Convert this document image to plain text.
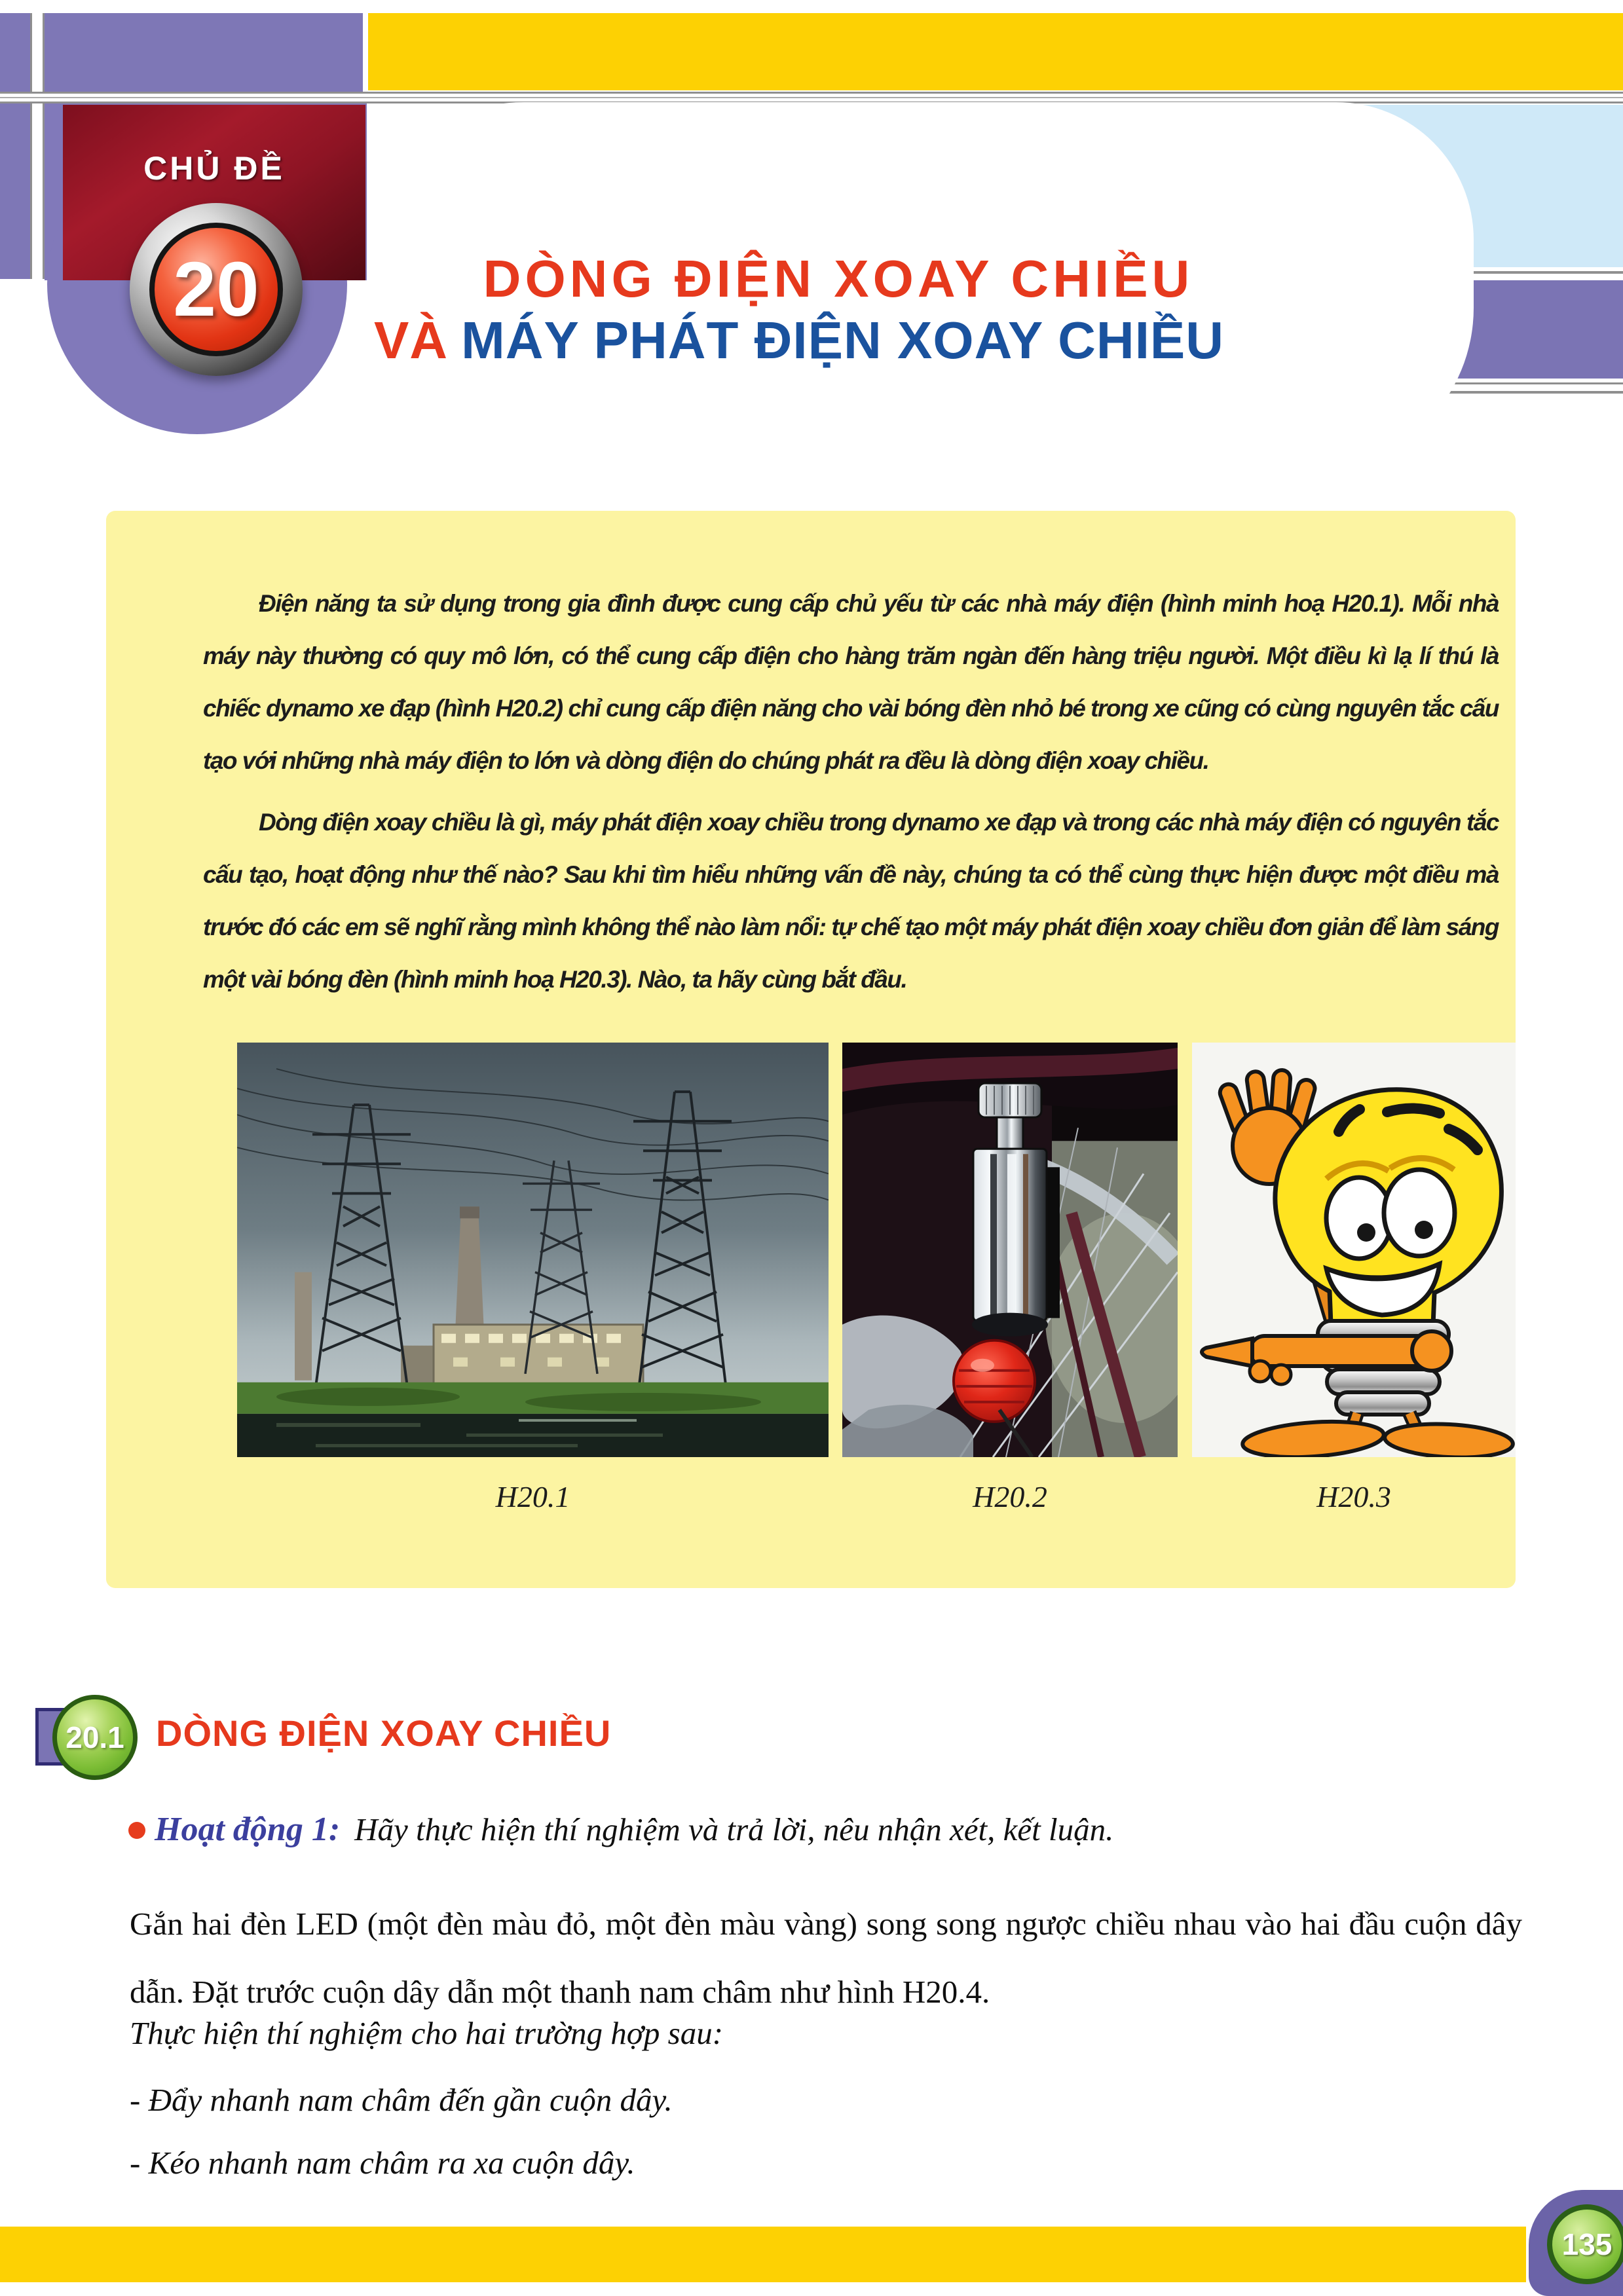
CHỦ ĐỀ
20	DÒNG ĐIỆN XOAY CHIỀU
VÀ MÁY PHÁT ĐIỆN XOAY CHIỀU

Điện năng ta sử dụng trong gia đình được cung cấp chủ yếu từ các nhà máy điện (hình minh hoạ H20.1). Mỗi nhà máy này thường có quy mô lớn, có thể cung cấp điện cho hàng trăm ngàn đến hàng triệu người. Một điều kì lạ lí thú là chiếc dynamo xe đạp (hình H20.2) chỉ cung cấp điện năng cho vài bóng đèn nhỏ bé trong xe cũng có cùng nguyên tắc cấu tạo với những nhà máy điện to lớn và dòng điện do chúng phát ra đều là dòng điện xoay chiều.

Dòng điện xoay chiều là gì, máy phát điện xoay chiều trong dynamo xe đạp và trong các nhà máy điện có nguyên tắc cấu tạo, hoạt động như thế nào? Sau khi tìm hiểu những vấn đề này, chúng ta có thể cùng thực hiện được một điều mà trước đó các em sẽ nghĩ rằng mình không thể nào làm nổi: tự chế tạo một máy phát điện xoay chiều đơn giản để làm sáng một vài bóng đèn (hình minh hoạ H20.3). Nào, ta hãy cùng bắt đầu.

H20.1	H20.2	H20.3
20.1 DÒNG ĐIỆN XOAY CHIỀU
Hoạt động 1: Hãy thực hiện thí nghiệm và trả lời, nêu nhận xét, kết luận.
Gắn hai đèn LED (một đèn màu đỏ, một đèn màu vàng) song song ngược chiều nhau vào hai đầu cuộn dây dẫn. Đặt trước cuộn dây dẫn một thanh nam châm như hình H20.4.
Thực hiện thí nghiệm cho hai trường hợp sau:
- Đẩy nhanh nam châm đến gần cuộn dây.
- Kéo nhanh nam châm ra xa cuộn dây.
135
